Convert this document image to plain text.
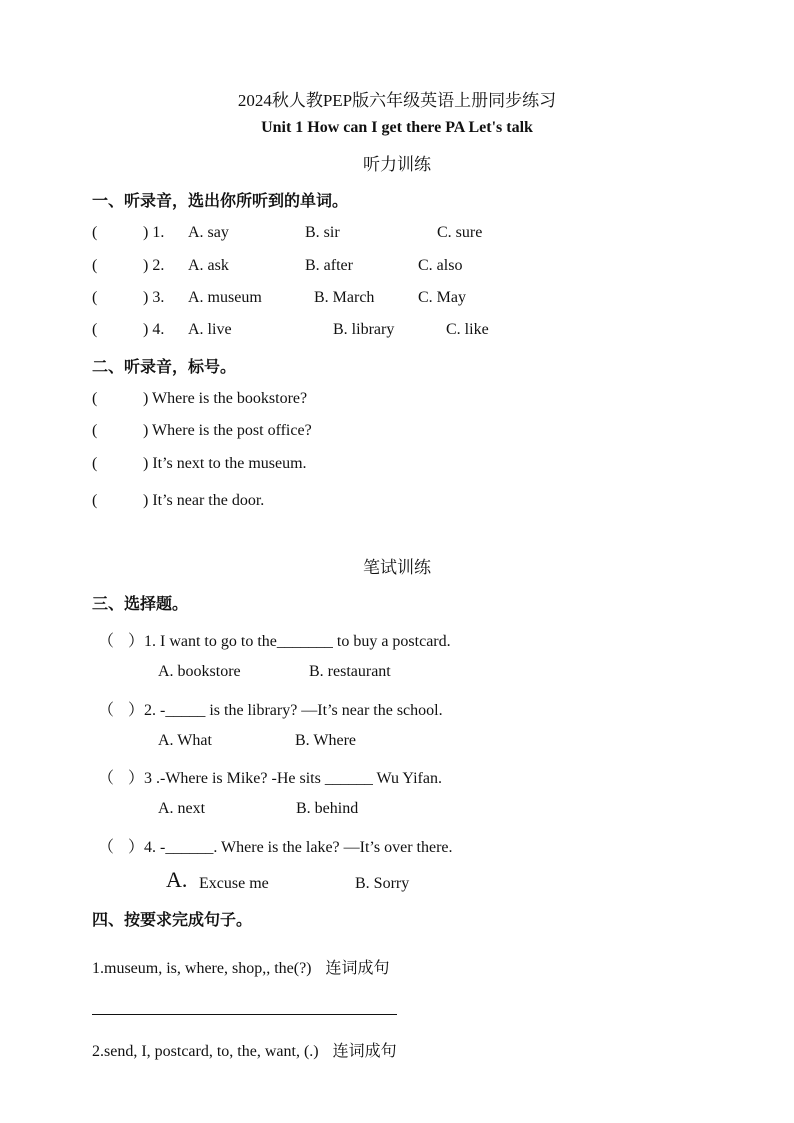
2024秋人教PEP版六年级英语上册同步练习
Unit 1 How can I get there PA Let's talk
听力训练
一、听录音，选出你所听到的单词。
(	) 1. A. say	B. sir	C. sure
(	) 2. A. ask	B. after	C. also
(	) 3. A. museum	B. March	C. May
(	) 4. A. live	B. library	C. like
二、听录音，标号。
(	) Where is the bookstore?
(	) Where is the post office?
(	) It’s next to the museum.
(	) It’s near the door.
笔试训练
三、选择题。
（ ）1. I want to go to the_______ to buy a postcard.
A. bookstore	B. restaurant
（ ）2. -_____ is the library? —It’s near the school.
A. What	B. Where
（ ）3 .-Where is Mike? -He sits ______ Wu Yifan.
A. next	B. behind
（ ）4. -______. Where is the lake? —It’s over there.
A. Excuse me	B. Sorry
四、按要求完成句子。
1.museum, is, where, shop,, the(?) 连词成句
2.send, I, postcard, to, the, want, (.) 连词成句
